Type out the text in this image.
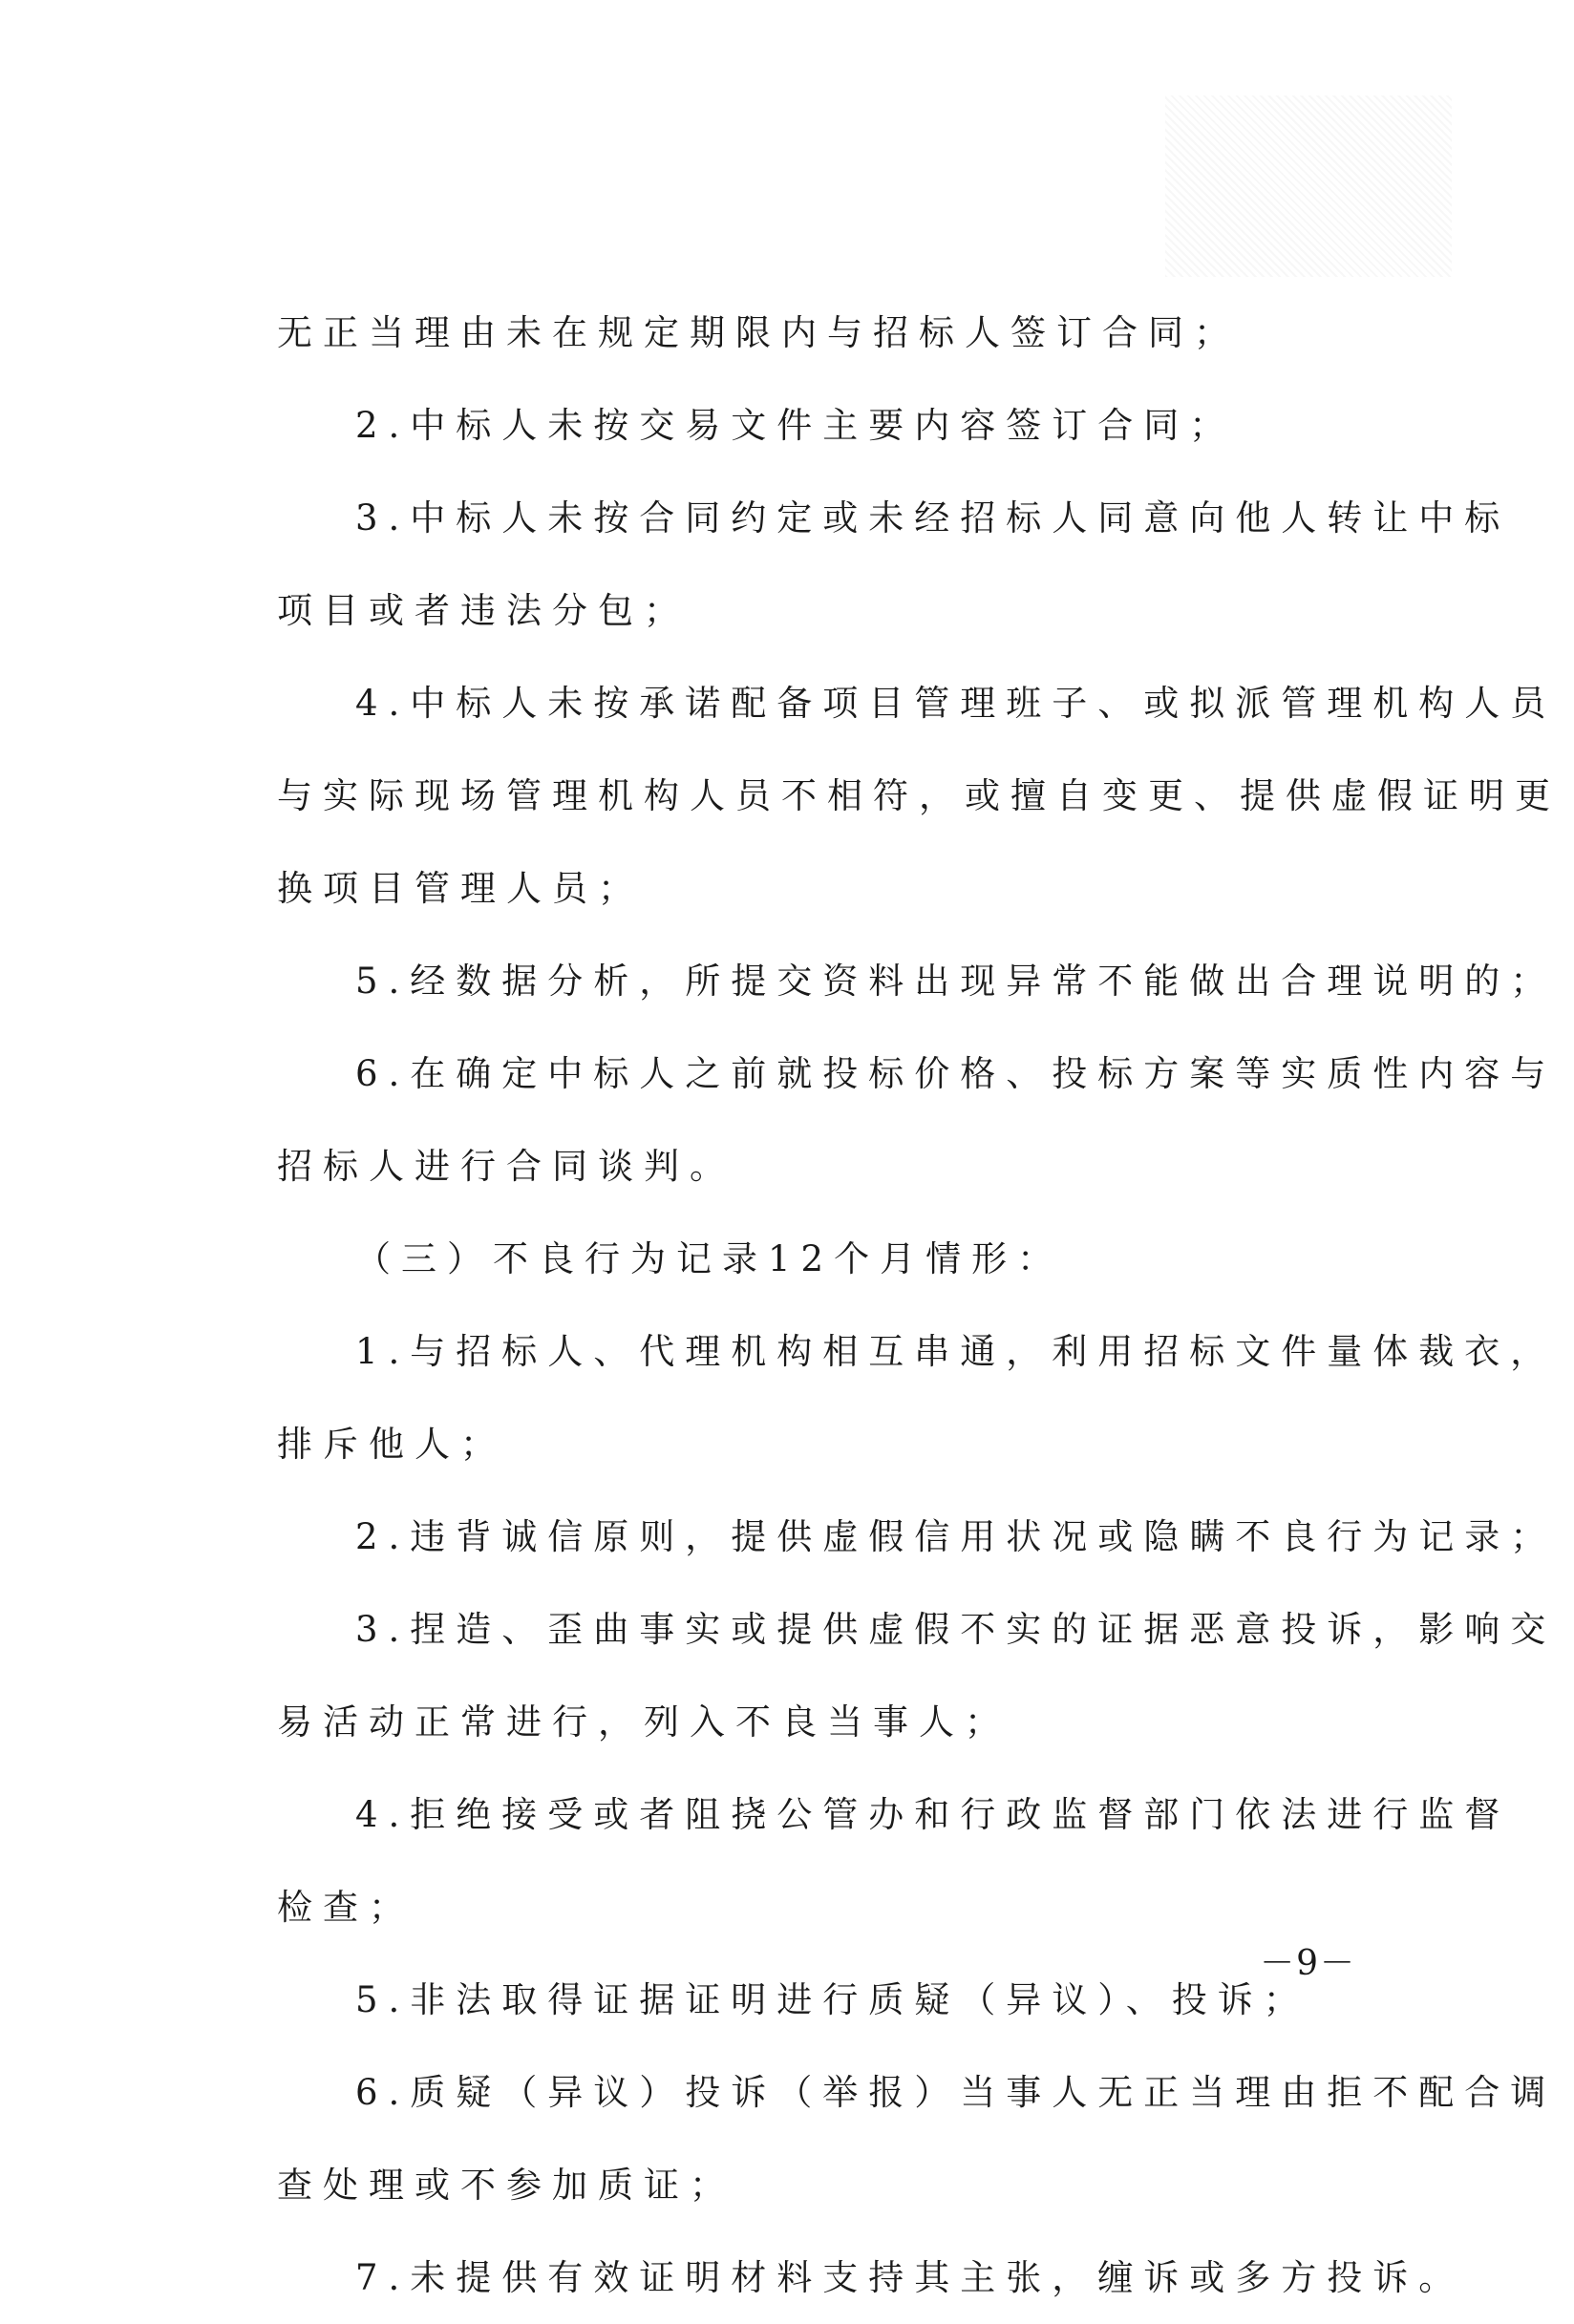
无正当理由未在规定期限内与招标人签订合同；
2.中标人未按交易文件主要内容签订合同；
3.中标人未按合同约定或未经招标人同意向他人转让中标
项目或者违法分包；
4.中标人未按承诺配备项目管理班子、或拟派管理机构人员
与实际现场管理机构人员不相符，或擅自变更、提供虚假证明更
换项目管理人员；
5.经数据分析，所提交资料出现异常不能做出合理说明的；
6.在确定中标人之前就投标价格、投标方案等实质性内容与
招标人进行合同谈判。
（三）不良行为记录12个月情形：
1.与招标人、代理机构相互串通，利用招标文件量体裁衣，
排斥他人；
2.违背诚信原则，提供虚假信用状况或隐瞒不良行为记录；
3.捏造、歪曲事实或提供虚假不实的证据恶意投诉，影响交
易活动正常进行，列入不良当事人；
4.拒绝接受或者阻挠公管办和行政监督部门依法进行监督
检查；
5.非法取得证据证明进行质疑（异议）、投诉；
6.质疑（异议）投诉（举报）当事人无正当理由拒不配合调
查处理或不参加质证；
7.未提供有效证明材料支持其主张，缠诉或多方投诉。
－9－
